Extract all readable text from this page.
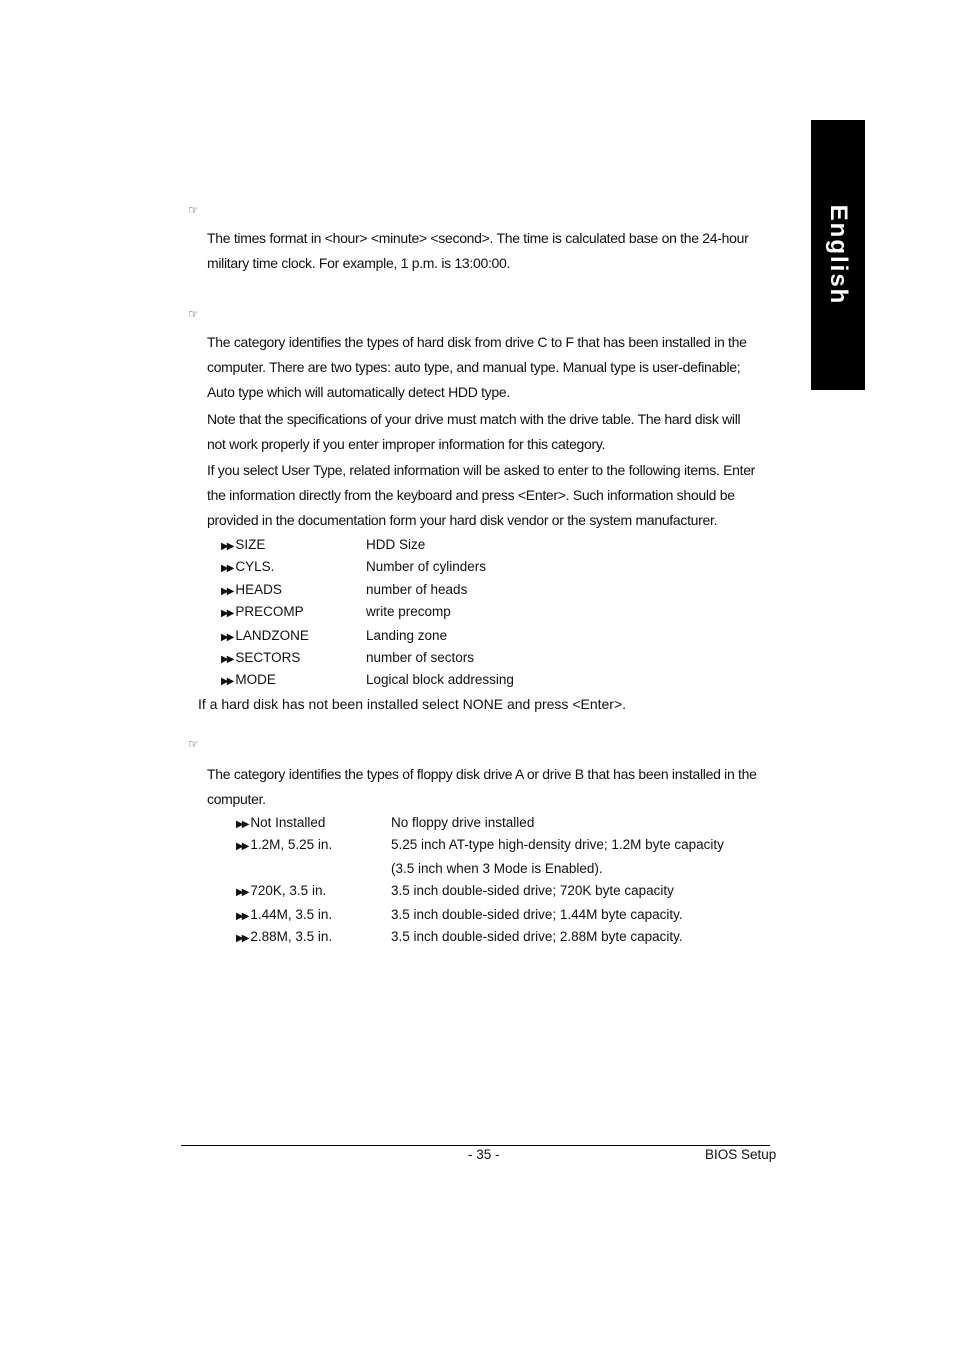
English
☞
The times format in <hour> <minute> <second>. The time is calculated base on the 24-hour military time clock. For example, 1 p.m. is 13:00:00.
☞
The category identifies the types of hard disk from drive C to F that has been installed in the computer. There are two types: auto type, and manual type. Manual type is user-definable; Auto type which will automatically detect HDD type.
Note that the specifications of your drive must match with the drive table. The hard disk will not work properly if you enter improper information for this category.
If you select User Type, related information will be asked to enter to the following items. Enter the information directly from the keyboard and press <Enter>. Such information should be provided in the documentation form your hard disk vendor or the system manufacturer.
▶▶ SIZE	HDD Size
▶▶ CYLS.	Number of cylinders
▶▶ HEADS	number of heads
▶▶ PRECOMP	write precomp
▶▶ LANDZONE	Landing zone
▶▶ SECTORS	number of sectors
▶▶ MODE	Logical block addressing
If a hard disk has not been installed select NONE and press <Enter>.
☞
The category identifies the types of floppy disk drive A or drive B that has been installed in the computer.
▶▶ Not Installed	No floppy drive installed
▶▶ 1.2M, 5.25 in.	5.25 inch AT-type high-density drive; 1.2M byte capacity
(3.5 inch when 3 Mode is Enabled).
▶▶ 720K, 3.5 in.	3.5 inch double-sided drive; 720K byte capacity
▶▶ 1.44M, 3.5 in.	3.5 inch double-sided drive; 1.44M byte capacity.
▶▶ 2.88M, 3.5 in.	3.5 inch double-sided drive; 2.88M byte capacity.
- 35 -	BIOS Setup
